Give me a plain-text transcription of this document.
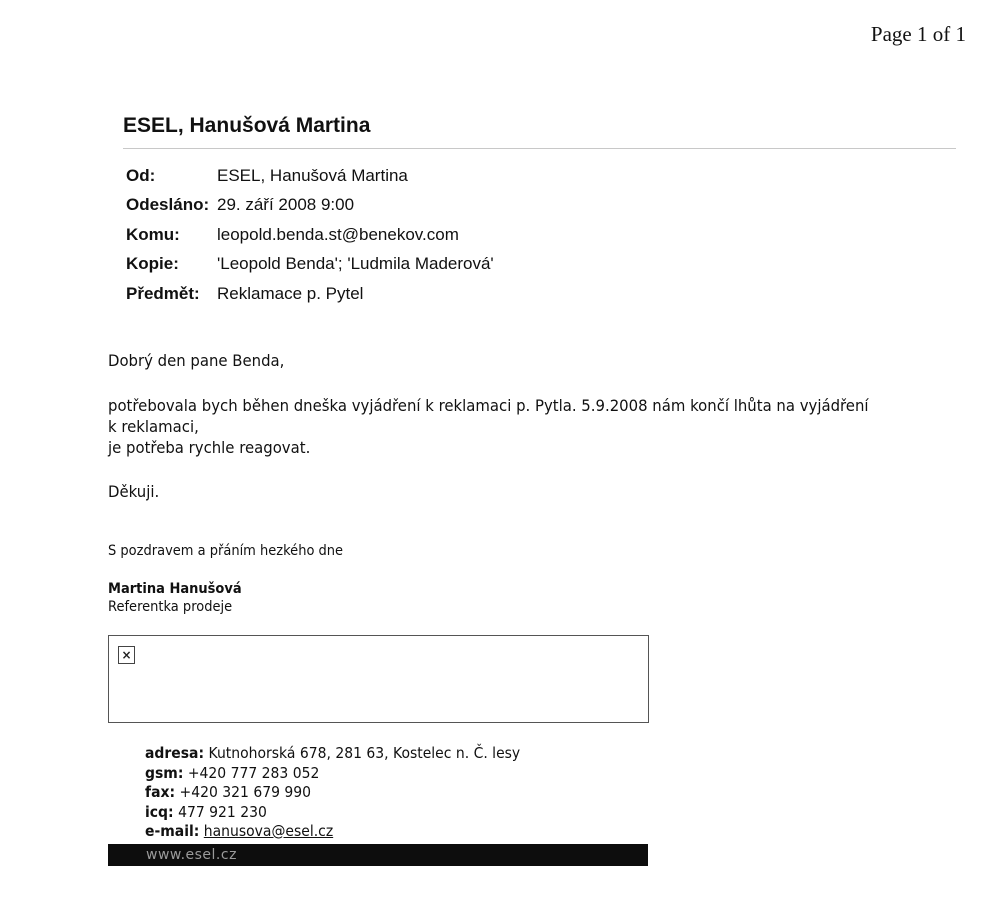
Page 1 of 1
ESEL, Hanušová Martina
Od:	ESEL, Hanušová Martina
Odesláno:	29. září 2008 9:00
Komu:	leopold.benda.st@benekov.com
Kopie:	'Leopold Benda'; 'Ludmila Maderová'
Předmět:	Reklamace p. Pytel
Dobrý den pane Benda,
potřebovala bych běhen dneška vyjádření k reklamaci p. Pytla. 5.9.2008 nám končí lhůta na vyjádření
k reklamaci,
je potřeba rychle reagovat.
Děkuji.
S pozdravem a přáním hezkého dne
Martina Hanušová
Referentka prodeje
×
adresa: Kutnohorská 678, 281 63, Kostelec n. Č. lesy
gsm: +420 777 283 052
fax: +420 321 679 990
icq: 477 921 230
e-mail: hanusova@esel.cz
www.esel.cz
